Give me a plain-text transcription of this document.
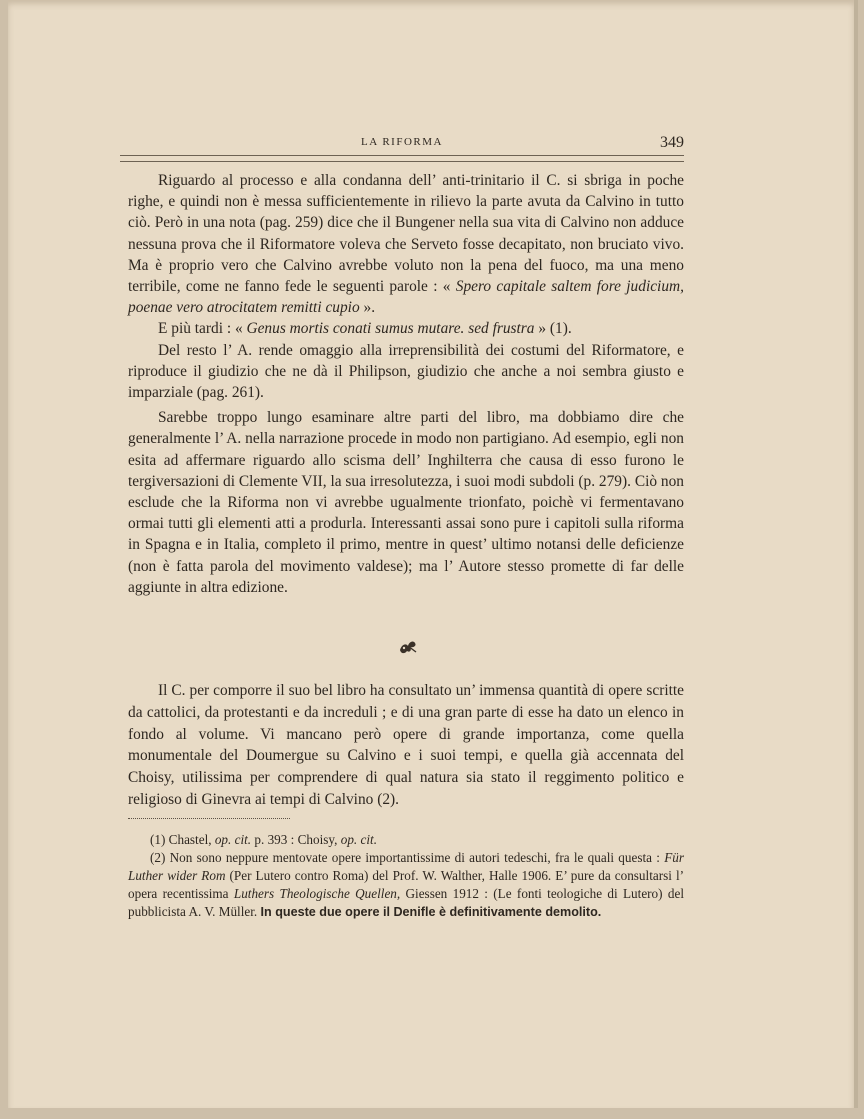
LA RIFORMA	349

Riguardo al processo e alla condanna dell’ anti-trinitario il C. si sbriga in poche righe, e quindi non è messa sufficientemente in rilievo la parte avuta da Calvino in tutto ciò. Però in una nota (pag. 259) dice che il Bungener nella sua vita di Calvino non adduce nessuna prova che il Riformatore voleva che Serveto fosse decapitato, non bruciato vivo. Ma è proprio vero che Calvino avrebbe voluto non la pena del fuoco, ma una meno terribile, come ne fanno fede le seguenti parole : « Spero capitale saltem fore judicium, poenae vero atrocitatem remitti cupio ».

E più tardi : « Genus mortis conati sumus mutare. sed frustra » (1).

Del resto l’ A. rende omaggio alla irreprensibilità dei costumi del Riformatore, e riproduce il giudizio che ne dà il Philipson, giudizio che anche a noi sembra giusto e imparziale (pag. 261).

Sarebbe troppo lungo esaminare altre parti del libro, ma dobbiamo dire che generalmente l’ A. nella narrazione procede in modo non partigiano. Ad esempio, egli non esita ad affermare riguardo allo scisma dell’ Inghilterra che causa di esso furono le tergiversazioni di Clemente VII, la sua irresolutezza, i suoi modi subdoli (p. 279). Ciò non esclude che la Riforma non vi avrebbe ugualmente trionfato, poichè vi fermentavano ormai tutti gli elementi atti a produrla. Interessanti assai sono pure i capitoli sulla riforma in Spagna e in Italia, completo il primo, mentre in quest’ ultimo notansi delle deficienze (non è fatta parola del movimento valdese); ma l’ Autore stesso promette di far delle aggiunte in altra edizione.

Il C. per comporre il suo bel libro ha consultato un’ immensa quantità di opere scritte da cattolici, da protestanti e da increduli ; e di una gran parte di esse ha dato un elenco in fondo al volume. Vi mancano però opere di grande importanza, come quella monumentale del Doumergue su Calvino e i suoi tempi, e quella già accennata del Choisy, utilissima per comprendere di qual natura sia stato il reggimento politico e religioso di Ginevra ai tempi di Calvino (2).

(1) Chastel, op. cit. p. 393 : Choisy, op. cit.

(2) Non sono neppure mentovate opere importantissime di autori tedeschi, fra le quali questa : Für Luther wider Rom (Per Lutero contro Roma) del Prof. W. Walther, Halle 1906. E’ pure da consultarsi l’ opera recentissima Luthers Theologische Quellen, Giessen 1912 : (Le fonti teologiche di Lutero) del pubblicista A. V. Müller. In queste due opere il Denifle è definitivamente demolito.
